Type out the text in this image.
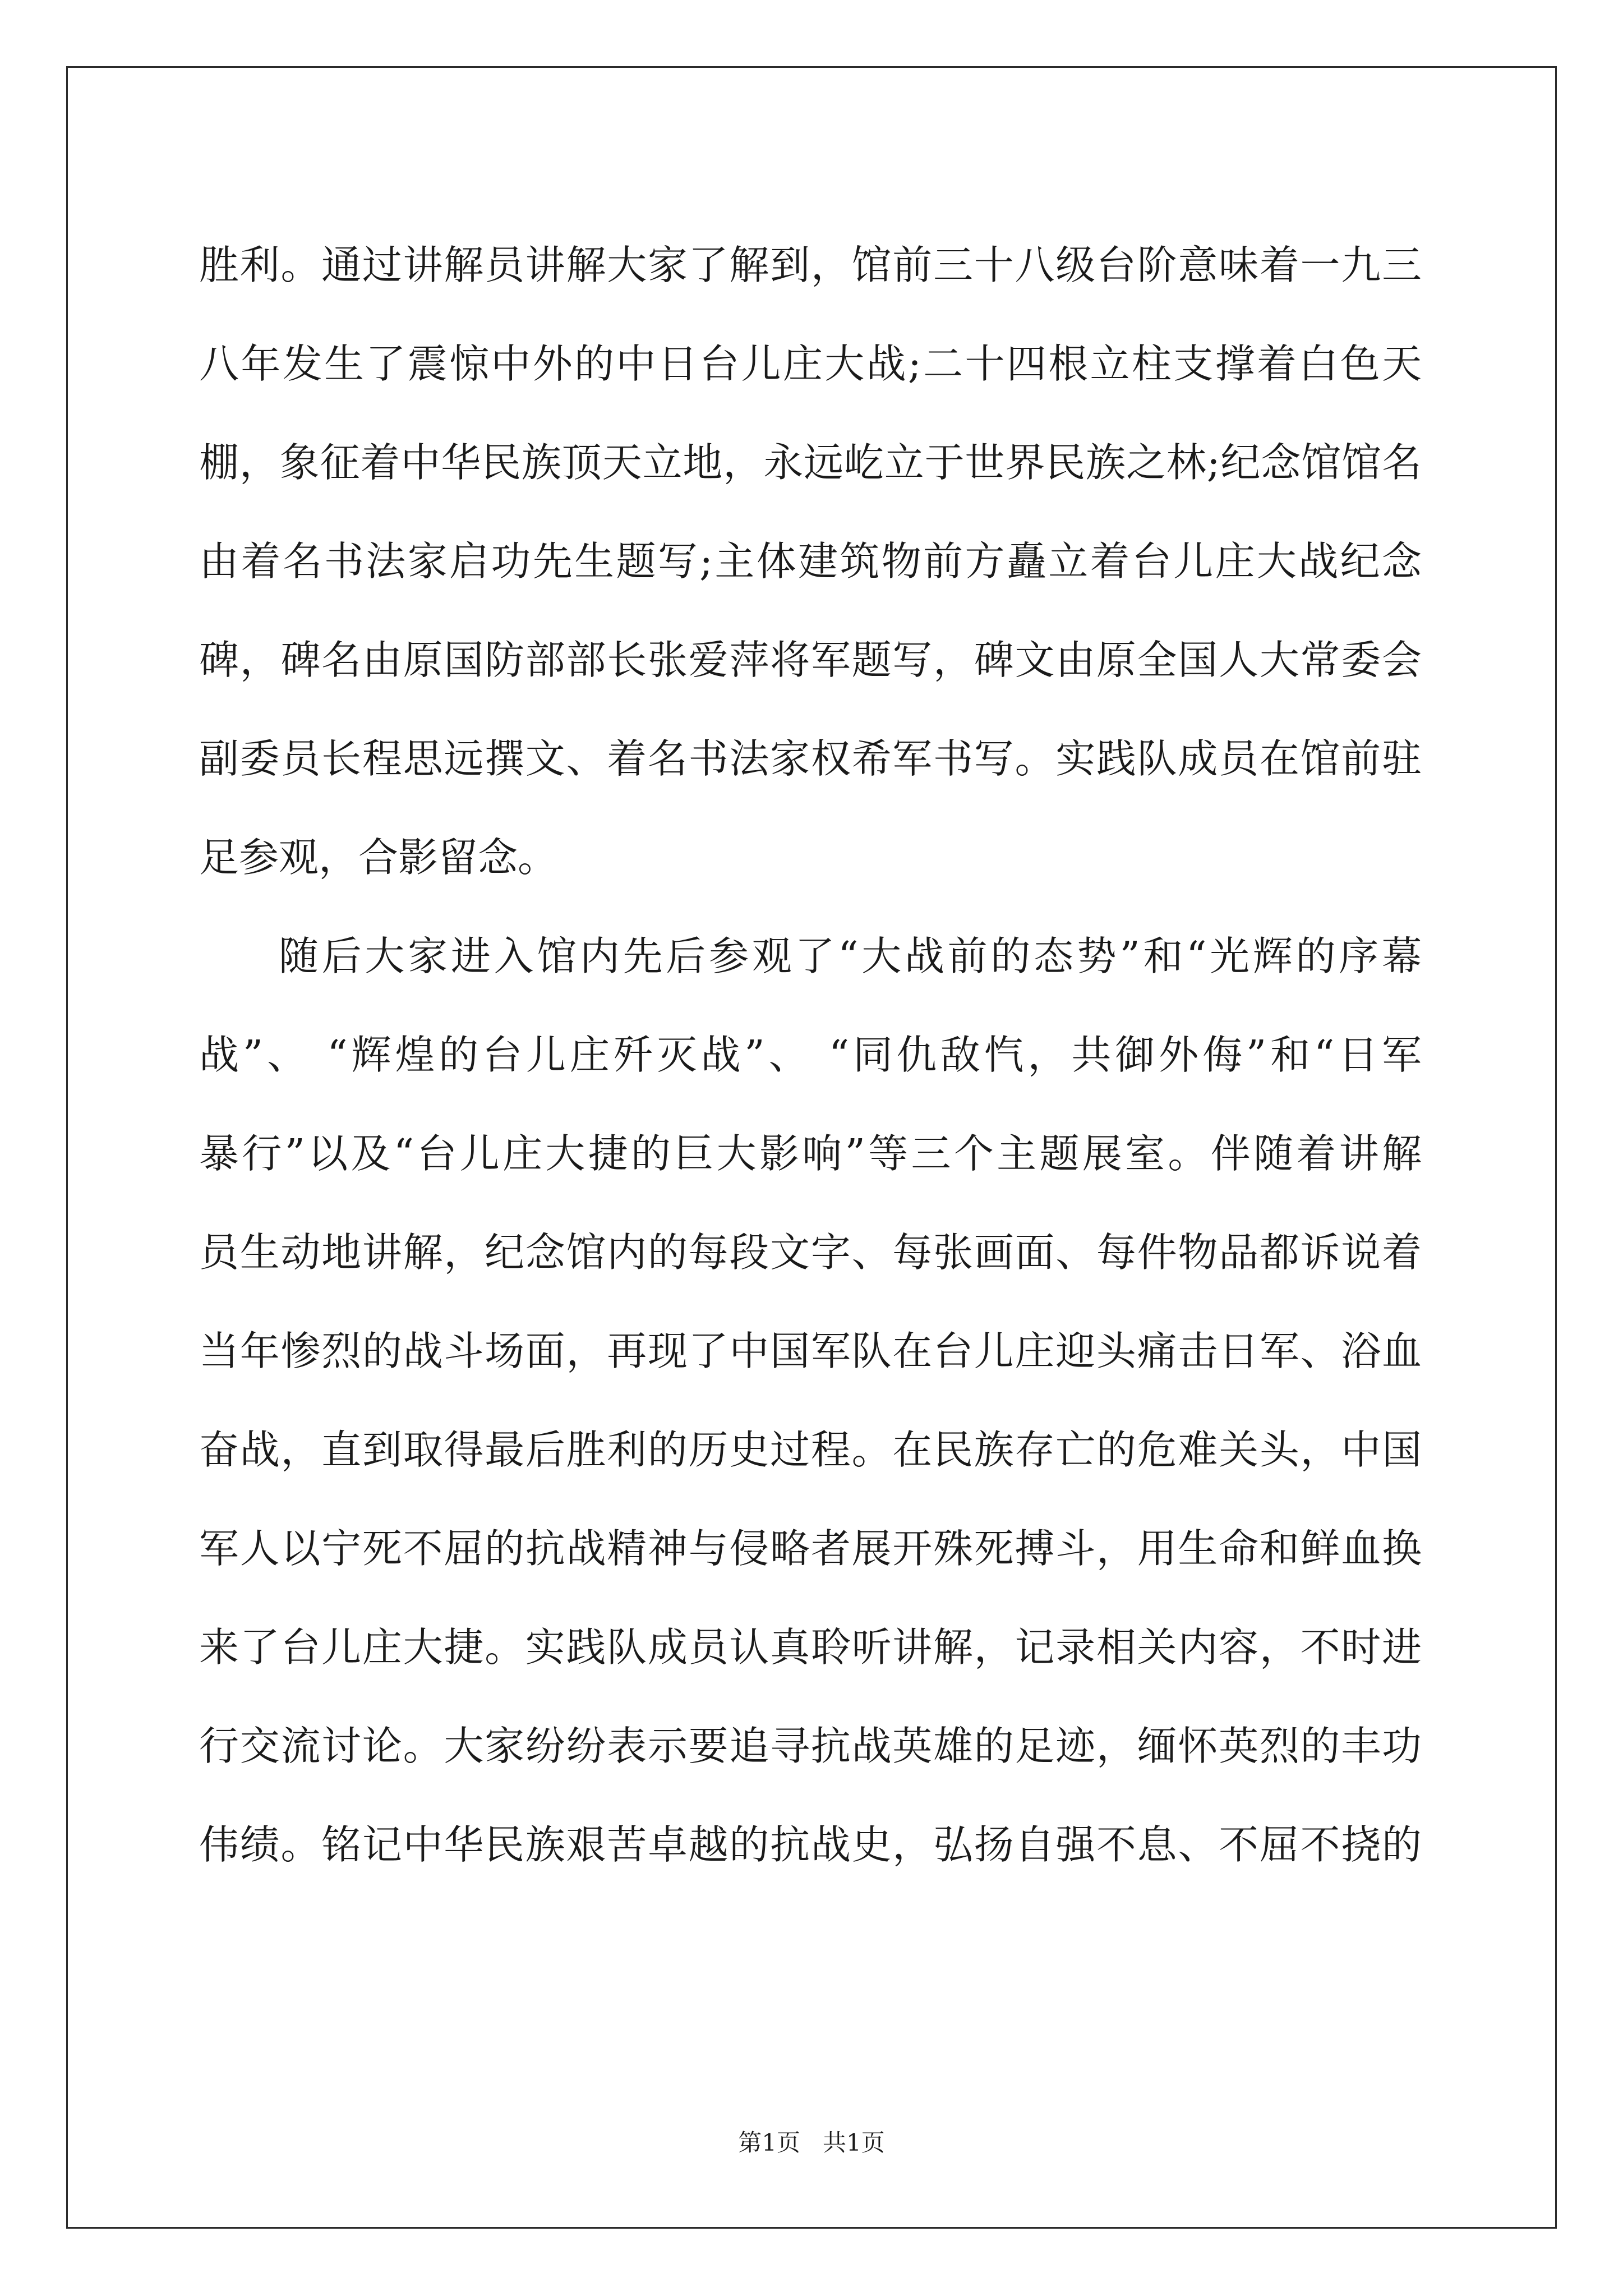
胜利。通过讲解员讲解大家了解到，馆前三十八级台阶意味着一九三
八年发生了震惊中外的中日台儿庄大战;二十四根立柱支撑着白色天
棚，象征着中华民族顶天立地，永远屹立于世界民族之林;纪念馆馆名
由着名书法家启功先生题写;主体建筑物前方矗立着台儿庄大战纪念
碑，碑名由原国防部部长张爱萍将军题写，碑文由原全国人大常委会
副委员长程思远撰文、着名书法家权希军书写。实践队成员在馆前驻
足参观，合影留念。
随后大家进入馆内先后参观了“大战前的态势”和“光辉的序幕
战”、 “辉煌的台儿庄歼灭战”、 “同仇敌忾，共御外侮”和“日军
暴行”以及“台儿庄大捷的巨大影响”等三个主题展室。伴随着讲解
员生动地讲解，纪念馆内的每段文字、每张画面、每件物品都诉说着
当年惨烈的战斗场面，再现了中国军队在台儿庄迎头痛击日军、浴血
奋战，直到取得最后胜利的历史过程。在民族存亡的危难关头，中国
军人以宁死不屈的抗战精神与侵略者展开殊死搏斗，用生命和鲜血换
来了台儿庄大捷。实践队成员认真聆听讲解，记录相关内容，不时进
行交流讨论。大家纷纷表示要追寻抗战英雄的足迹，缅怀英烈的丰功
伟绩。铭记中华民族艰苦卓越的抗战史，弘扬自强不息、不屈不挠的
第1页 共1页
